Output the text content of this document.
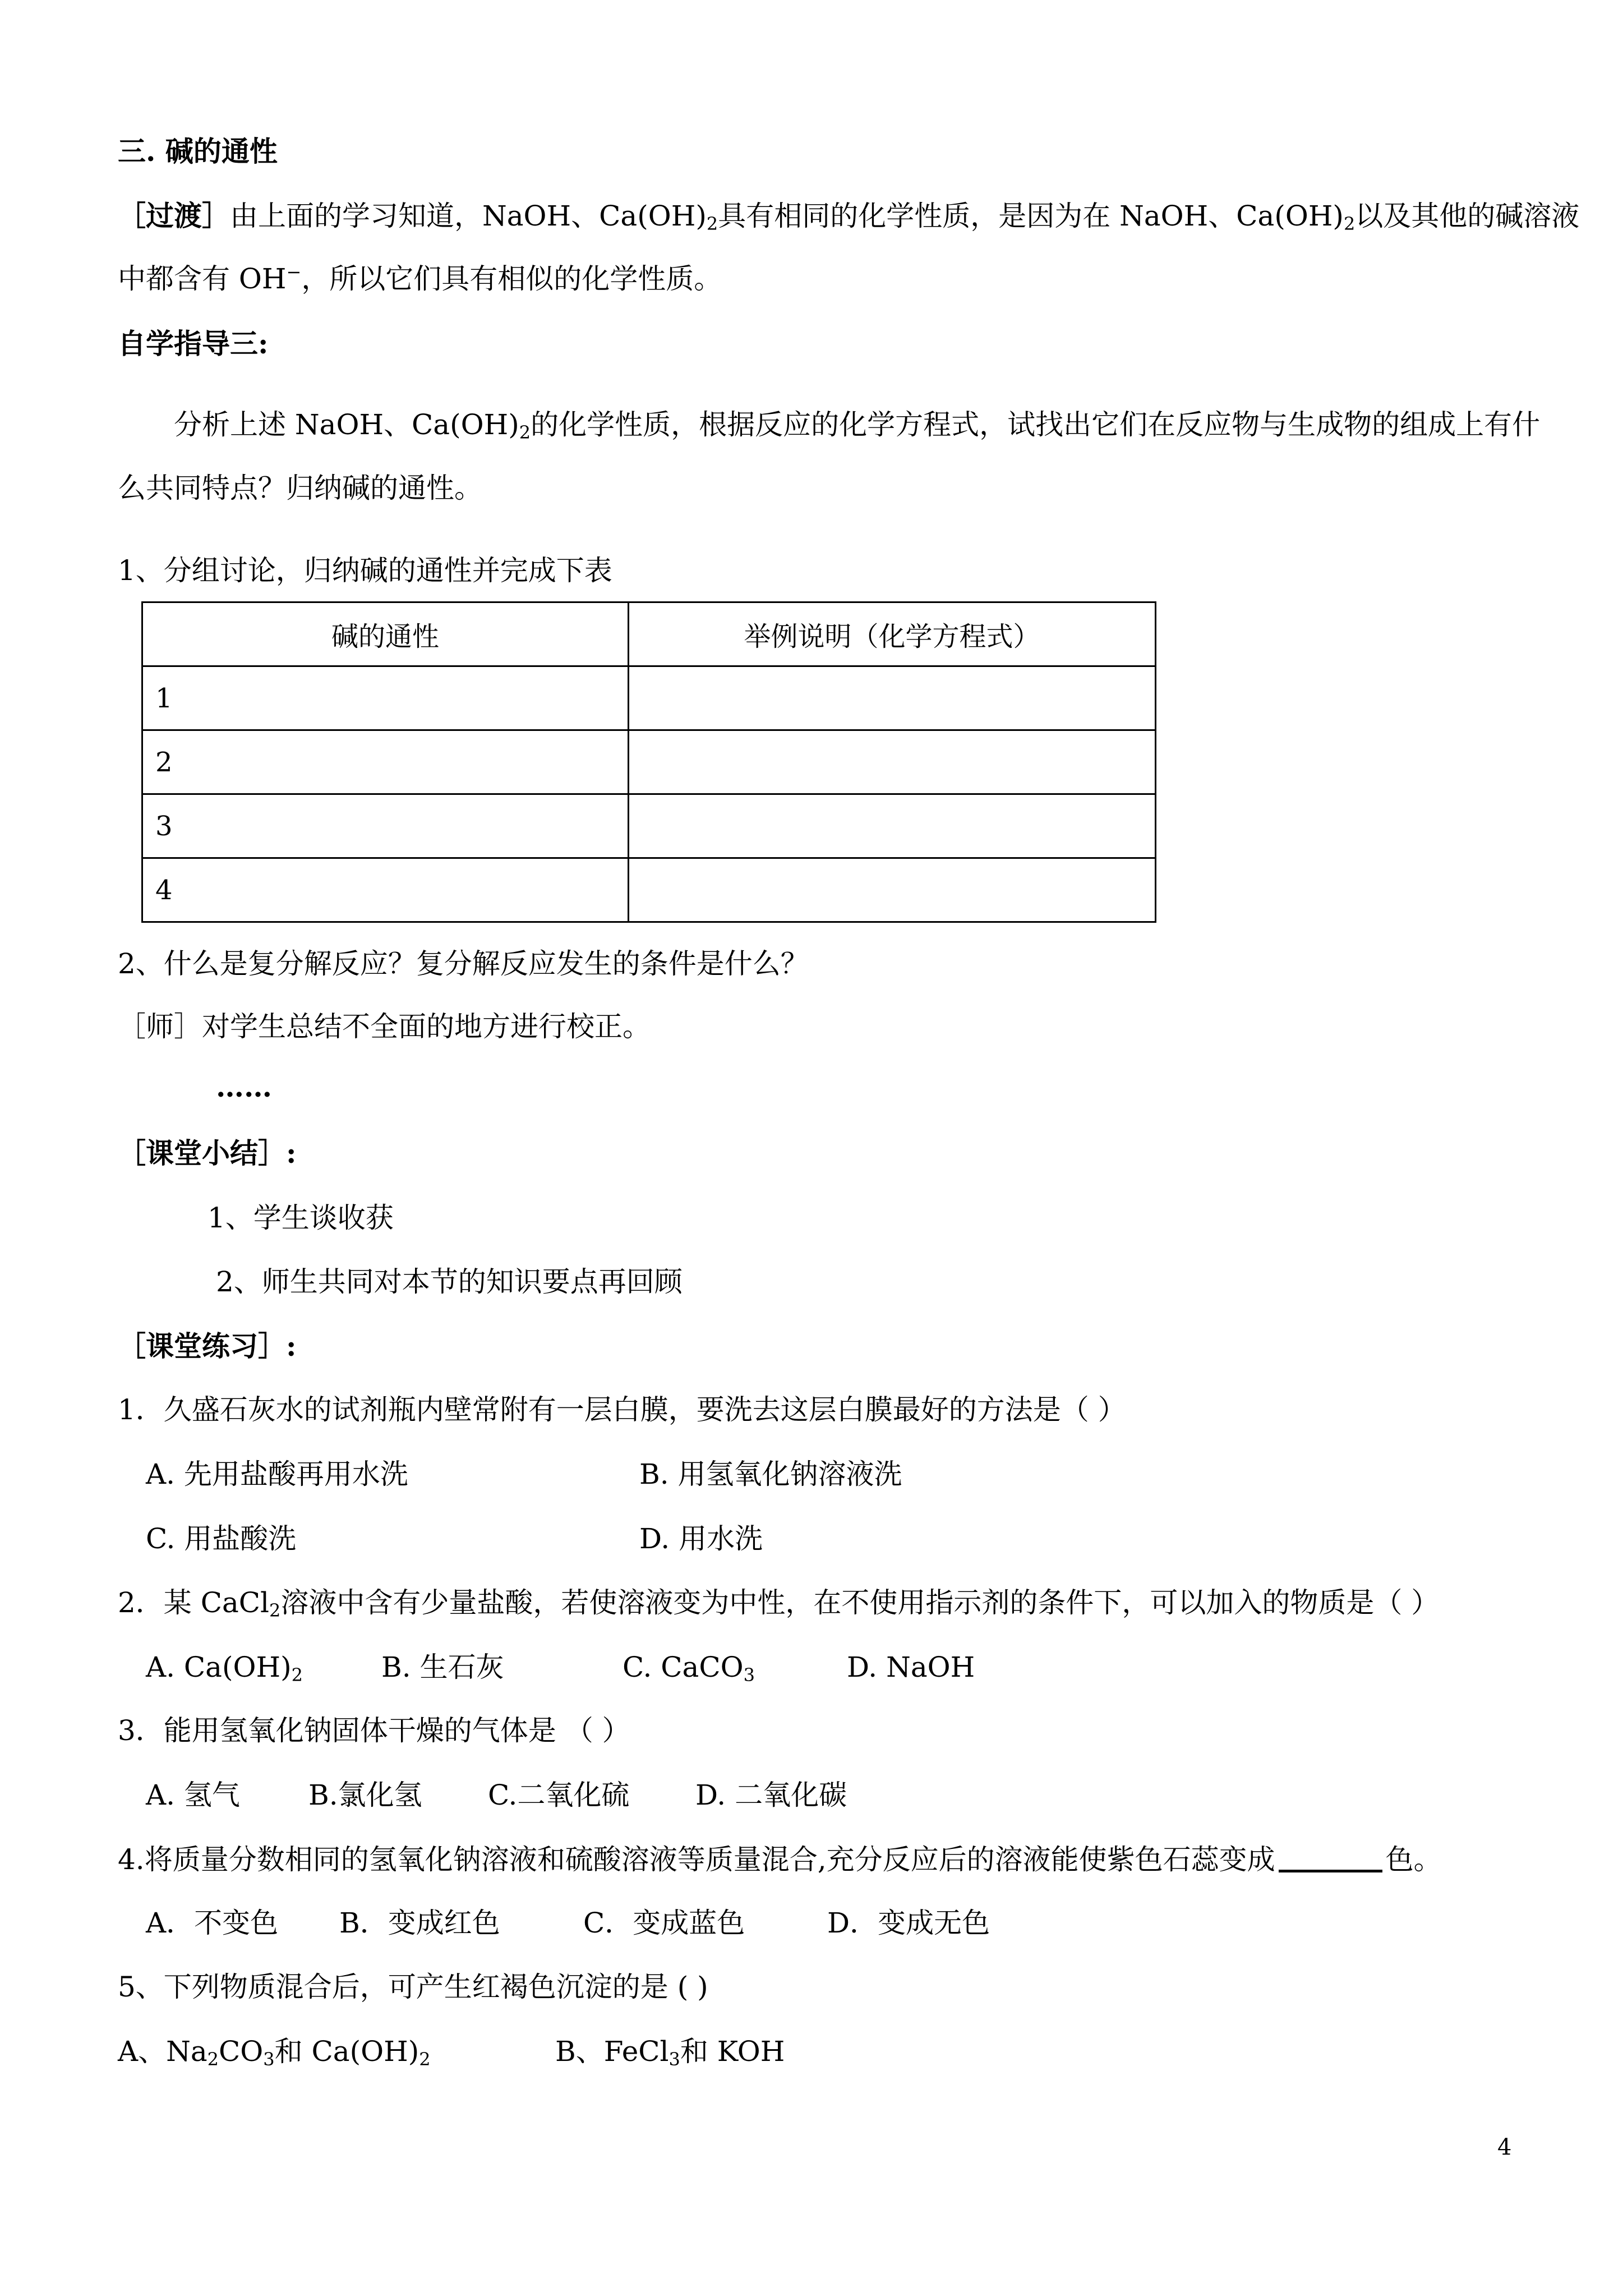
三. 碱的通性
［过渡］由上面的学习知道，NaOH、$Ca(OH)_2$具有相同的化学性质，是因为在 NaOH、$Ca(OH)_2$以及其他的碱溶液
中都含有 OH−，所以它们具有相似的化学性质。
自学指导三:
分析上述 NaOH、$Ca(OH)_2$的化学性质，根据反应的化学方程式，试找出它们在反应物与生成物的组成上有什
么共同特点？归纳碱的通性。
1、分组讨论，归纳碱的通性并完成下表
碱的通性	举例说明（化学方程式）
1	
2	
3	
4	
2、什么是复分解反应？复分解反应发生的条件是什么？
［师］对学生总结不全面的地方进行校正。
……
［课堂小结］:
1、学生谈收获
2、师生共同对本节的知识要点再回顾
［课堂练习］:
1．久盛石灰水的试剂瓶内壁常附有一层白膜，要洗去这层白膜最好的方法是（ ）
A. 先用盐酸再用水洗	B. 用氢氧化钠溶液洗
C. 用盐酸洗	D. 用水洗
2．某 CaCl$_2$溶液中含有少量盐酸，若使溶液变为中性，在不使用指示剂的条件下，可以加入的物质是（ ）
A. $Ca(OH)_2$	B. 生石灰	C. CaCO$_3$	D. NaOH
3．能用氢氧化钠固体干燥的气体是 （ ）
A. 氢气 B.氯化氢 C.二氧化硫 D. 二氧化碳
4.将质量分数相同的氢氧化钠溶液和硫酸溶液等质量混合,充分反应后的溶液能使紫色石蕊变成	色。
A．不变色 B．变成红色	C．变成蓝色	D．变成无色
5、下列物质混合后，可产生红褐色沉淀的是 ( )
A、$Na_2CO_3$和 $Ca(OH)_2$	B、FeCl$_3$和 KOH
4
